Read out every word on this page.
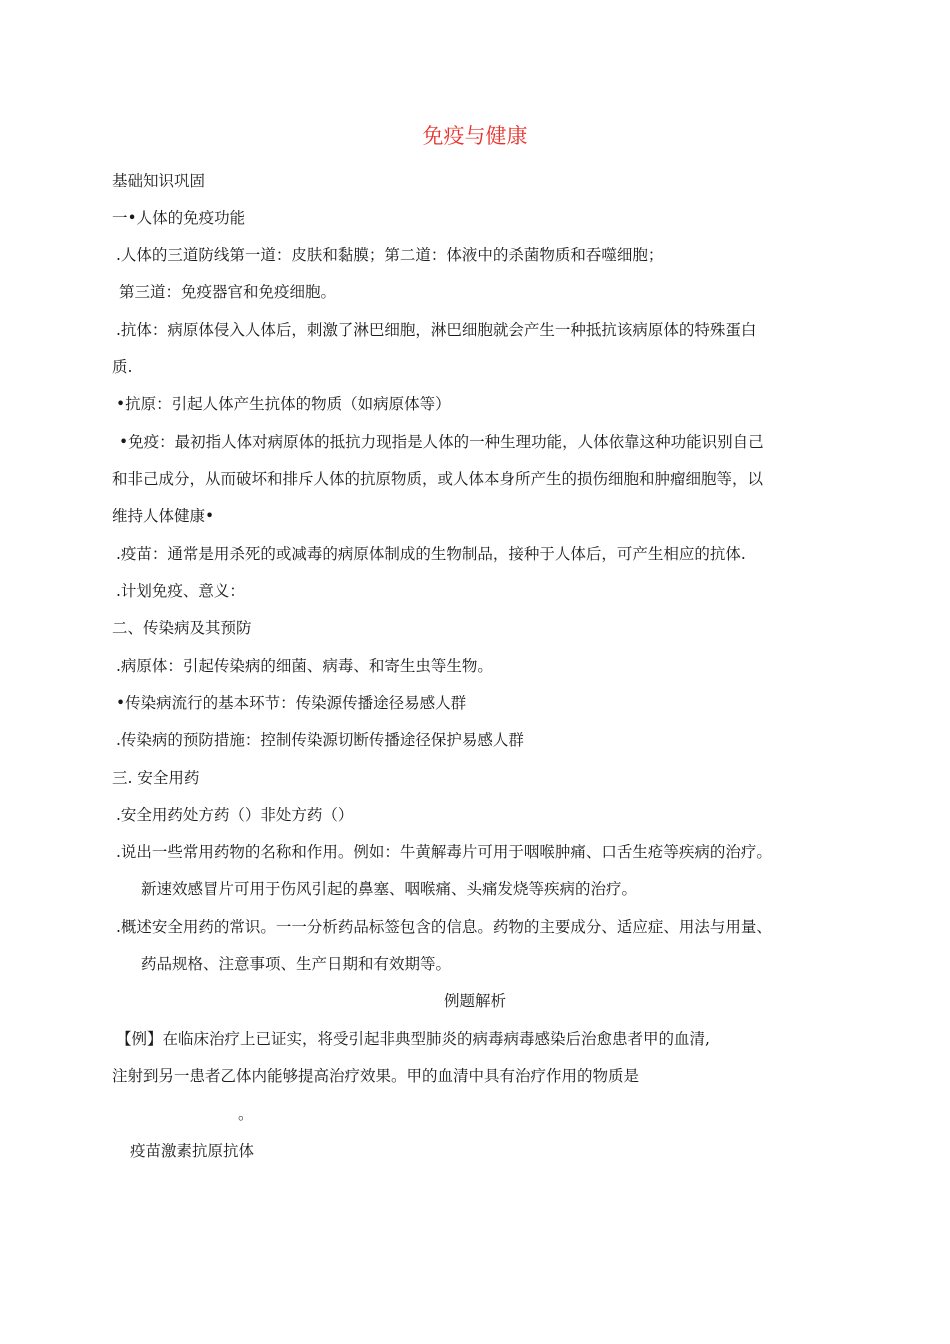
免疫与健康
基础知识巩固
一•人体的免疫功能
.人体的三道防线第一道：皮肤和黏膜；第二道：体液中的杀菌物质和吞噬细胞；
第三道：免疫器官和免疫细胞。
.抗体：病原体侵入人体后，刺激了淋巴细胞，淋巴细胞就会产生一种抵抗该病原体的特殊蛋白
质.
•抗原：引起人体产生抗体的物质（如病原体等）
•免疫：最初指人体对病原体的抵抗力现指是人体的一种生理功能，人体依靠这种功能识别自己
和非己成分，从而破坏和排斥人体的抗原物质，或人体本身所产生的损伤细胞和肿瘤细胞等，以
维持人体健康•
.疫苗：通常是用杀死的或减毒的病原体制成的生物制品，接种于人体后，可产生相应的抗体.
.计划免疫、意义：
二、传染病及其预防
.病原体：引起传染病的细菌、病毒、和寄生虫等生物。
•传染病流行的基本环节：传染源传播途径易感人群
.传染病的预防措施：控制传染源切断传播途径保护易感人群
三. 安全用药
.安全用药处方药（）非处方药（）
.说出一些常用药物的名称和作用。例如：牛黄解毒片可用于咽喉肿痛、口舌生疮等疾病的治疗。
新速效感冒片可用于伤风引起的鼻塞、咽喉痛、头痛发烧等疾病的治疗。
.概述安全用药的常识。一一分析药品标签包含的信息。药物的主要成分、适应症、用法与用量、
药品规格、注意事项、生产日期和有效期等。
例题解析
【例】在临床治疗上已证实，将受引起非典型肺炎的病毒病毒感染后治愈患者甲的血清,
注射到另一患者乙体内能够提高治疗效果。甲的血清中具有治疗作用的物质是
。
疫苗激素抗原抗体
